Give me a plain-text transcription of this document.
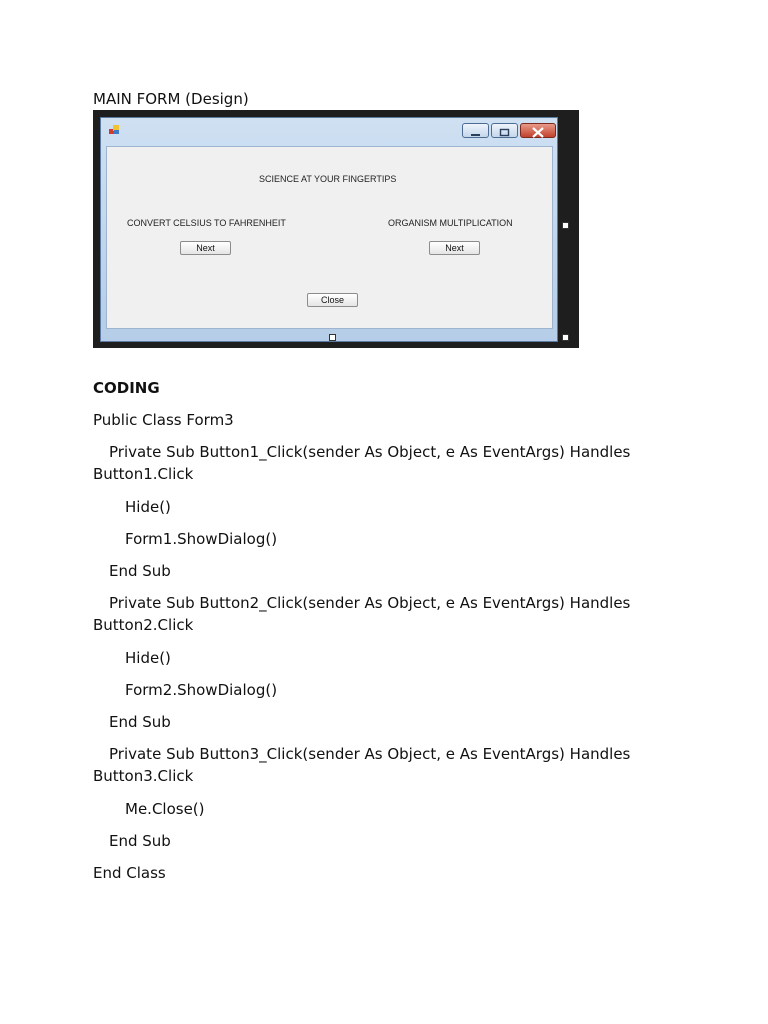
MAIN FORM (Design)
SCIENCE AT YOUR FINGERTIPS
CONVERT CELSIUS TO FAHRENHEIT	ORGANISM MULTIPLICATION
Next	Next
Close
CODING
Public Class Form3
Private Sub Button1_Click(sender As Object, e As EventArgs) Handles Button1.Click
Hide()
Form1.ShowDialog()
End Sub
Private Sub Button2_Click(sender As Object, e As EventArgs) Handles Button2.Click
Hide()
Form2.ShowDialog()
End Sub
Private Sub Button3_Click(sender As Object, e As EventArgs) Handles Button3.Click
Me.Close()
End Sub
End Class
